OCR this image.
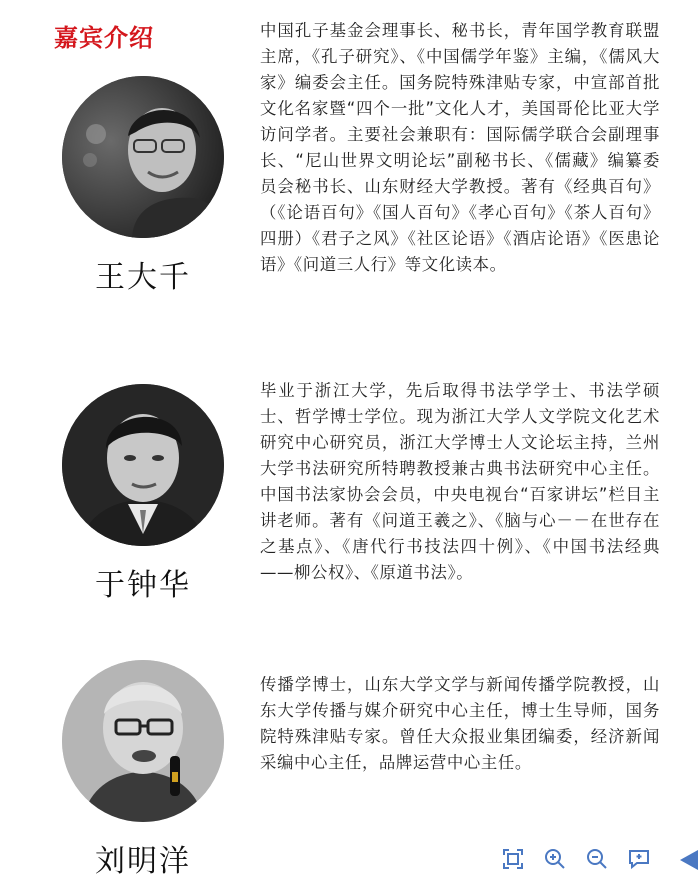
嘉宾介绍
王大千
中国孔子基金会理事长、秘书长，青年国学教育联盟主席，《孔子研究》、《中国儒学年鉴》主编，《儒风大家》编委会主任。国务院特殊津贴专家，中宣部首批文化名家暨“四个一批”文化人才，美国哥伦比亚大学访问学者。主要社会兼职有：国际儒学联合会副理事长、“尼山世界文明论坛”副秘书长、《儒藏》编纂委员会秘书长、山东财经大学教授。著有《经典百句》（《论语百句》《国人百句》《孝心百句》《茶人百句》四册）《君子之风》《社区论语》《酒店论语》《医患论语》《问道三人行》等文化读本。
于钟华
毕业于浙江大学，先后取得书法学学士、书法学硕士、哲学博士学位。现为浙江大学人文学院文化艺术研究中心研究员，浙江大学博士人文论坛主持，兰州大学书法研究所特聘教授兼古典书法研究中心主任。中国书法家协会会员，中央电视台“百家讲坛”栏目主讲老师。著有《问道王羲之》、《脑与心－－在世存在之基点》、《唐代行书技法四十例》、《中国书法经典——柳公权》、《原道书法》。
刘明洋
传播学博士，山东大学文学与新闻传播学院教授，山东大学传播与媒介研究中心主任，博士生导师，国务院特殊津贴专家。曾任大众报业集团编委，经济新闻采编中心主任，品牌运营中心主任。
